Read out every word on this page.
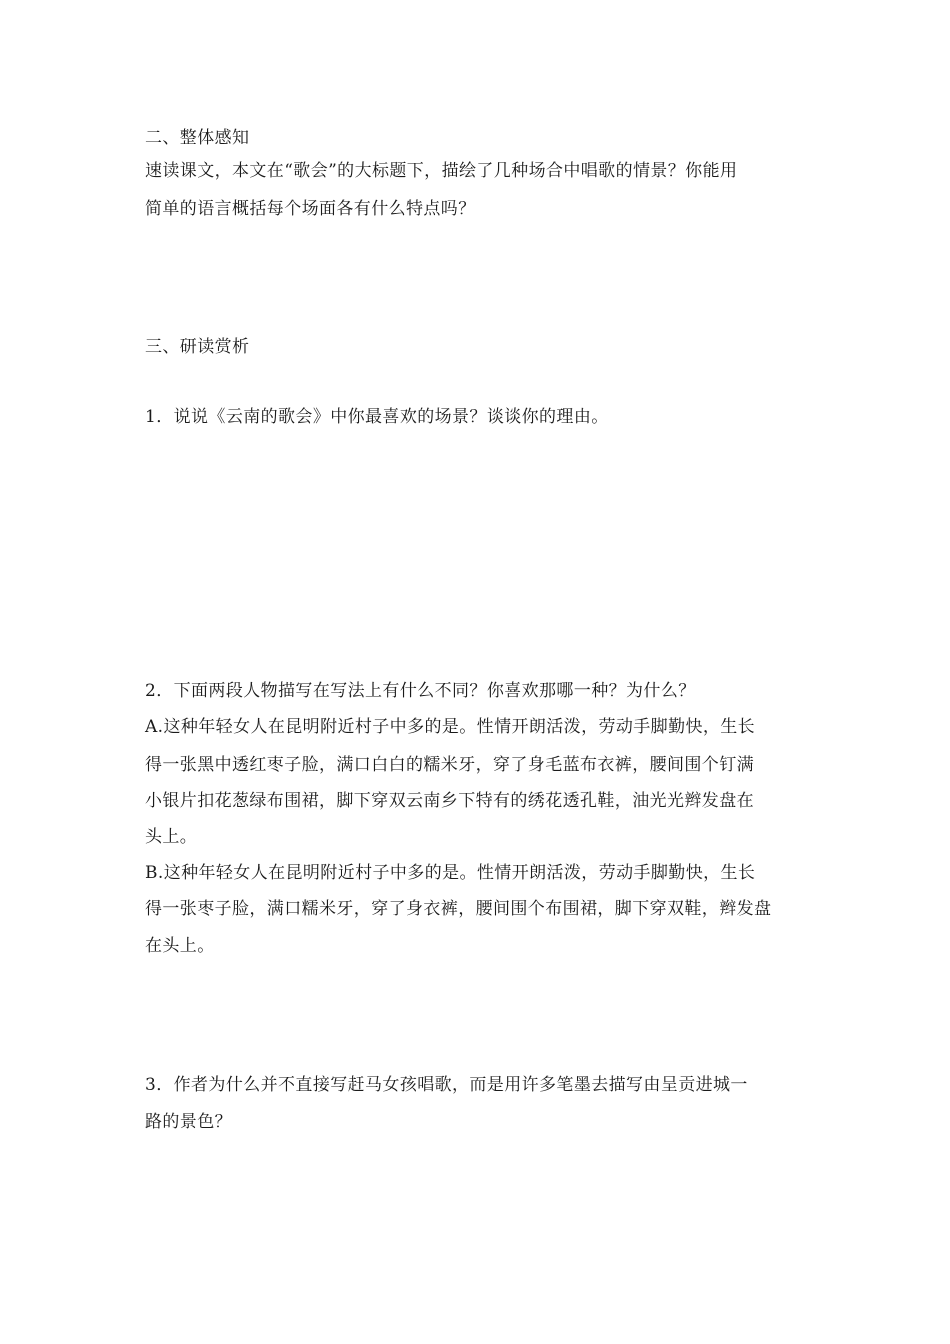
二、整体感知
速读课文，本文在“歌会”的大标题下，描绘了几种场合中唱歌的情景？你能用
简单的语言概括每个场面各有什么特点吗？
三、研读赏析
1．说说《云南的歌会》中你最喜欢的场景？谈谈你的理由。
2．下面两段人物描写在写法上有什么不同？你喜欢那哪一种？为什么？
A.这种年轻女人在昆明附近村子中多的是。性情开朗活泼，劳动手脚勤快，生长
得一张黑中透红枣子脸，满口白白的糯米牙，穿了身毛蓝布衣裤，腰间围个钉满
小银片扣花葱绿布围裙，脚下穿双云南乡下特有的绣花透孔鞋，油光光辫发盘在
头上。
B.这种年轻女人在昆明附近村子中多的是。性情开朗活泼，劳动手脚勤快，生长
得一张枣子脸，满口糯米牙，穿了身衣裤，腰间围个布围裙，脚下穿双鞋，辫发盘
在头上。
3．作者为什么并不直接写赶马女孩唱歌，而是用许多笔墨去描写由呈贡进城一
路的景色？
